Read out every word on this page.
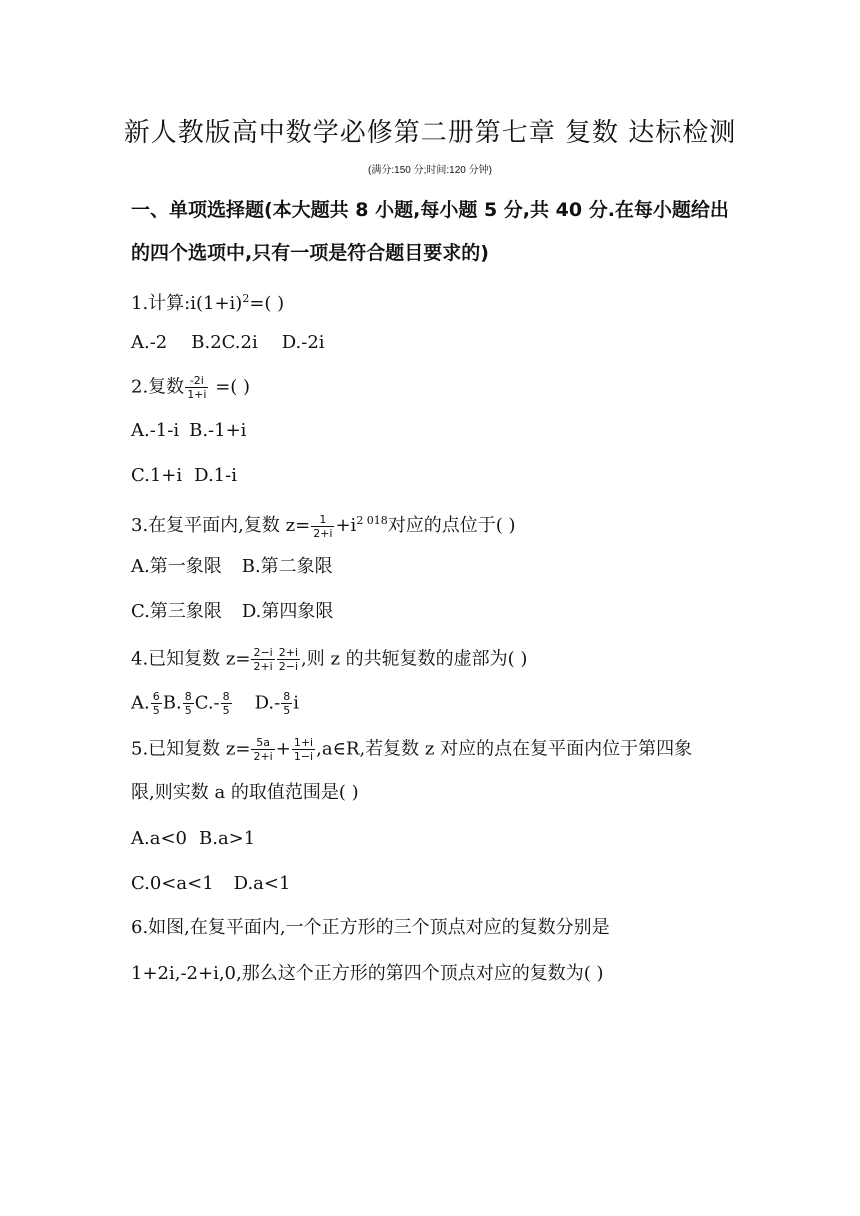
新人教版高中数学必修第二册第七章 复数 达标检测
(满分:150 分;时间:120 分钟)
一、单项选择题(本大题共 8 小题,每小题 5 分,共 40 分.在每小题给出
的四个选项中,只有一项是符合题目要求的)
1.计算$:i(1+i)^2=$( )
A.-2 B.2C.2i D.-2i
2.复数 $\frac{-2i}{1+i}$ =( )
A.-1-i B.-1+i
C.1+i D.1-i
3.在复平面内,复数 $z= \frac{1}{2+i} +i^{2 018}$对应的点位于( )
A.第一象限 B.第二象限
C.第三象限 D.第四象限
4.已知复数 $z= \frac{2-i}{2+i} \frac{2+i}{2-i}$ ,则 z 的共轭复数的虚部为( )
A. $\frac{6}{5} B$. $\frac{8}{5} C.- \frac{8}{5} D.- \frac{8}{5}$ i
5.已知复数 $z= \frac{5a}{2+i} + \frac{1+i}{1-i}$ ,a∈R,若复数 z 对应的点在复平面内位于第四象
限,则实数 a 的取值范围是( )
A.a<0 B.a>1
C.0<a<1 D.a<1
6.如图,在复平面内,一个正方形的三个顶点对应的复数分别是
1+2i,-2+i,0,那么这个正方形的第四个顶点对应的复数为( )
